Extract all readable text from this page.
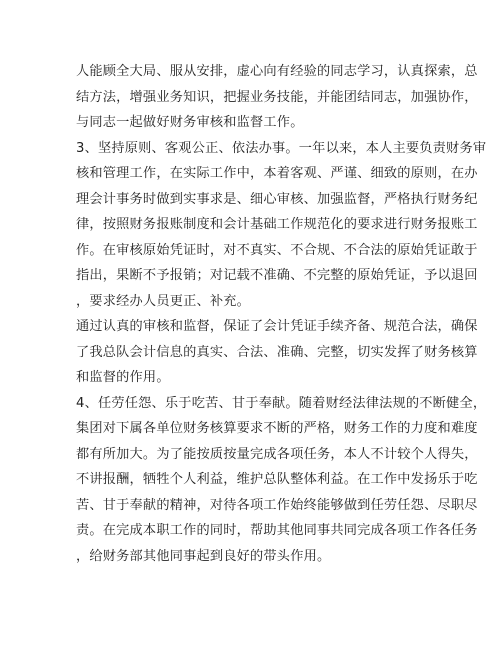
人能顾全大局、服从安排，虚心向有经验的同志学习，认真探索，总
结方法，增强业务知识，把握业务技能，并能团结同志，加强协作，
与同志一起做好财务审核和监督工作。
3、坚持原则、客观公正、依法办事。一年以来，本人主要负责财务审
核和管理工作，在实际工作中，本着客观、严谨、细致的原则，在办
理会计事务时做到实事求是、细心审核、加强监督，严格执行财务纪
律，按照财务报账制度和会计基础工作规范化的要求进行财务报账工
作。在审核原始凭证时，对不真实、不合规、不合法的原始凭证敢于
指出，果断不予报销；对记载不准确、不完整的原始凭证，予以退回
，要求经办人员更正、补充。
通过认真的审核和监督，保证了会计凭证手续齐备、规范合法，确保
了我总队会计信息的真实、合法、准确、完整，切实发挥了财务核算
和监督的作用。
4、任劳任怨、乐于吃苦、甘于奉献。随着财经法律法规的不断健全，
集团对下属各单位财务核算要求不断的严格，财务工作的力度和难度
都有所加大。为了能按质按量完成各项任务，本人不计较个人得失，
不讲报酬，牺牲个人利益，维护总队整体利益。在工作中发扬乐于吃
苦、甘于奉献的精神，对待各项工作始终能够做到任劳任怨、尽职尽
责。在完成本职工作的同时，帮助其他同事共同完成各项工作各任务
，给财务部其他同事起到良好的带头作用。
